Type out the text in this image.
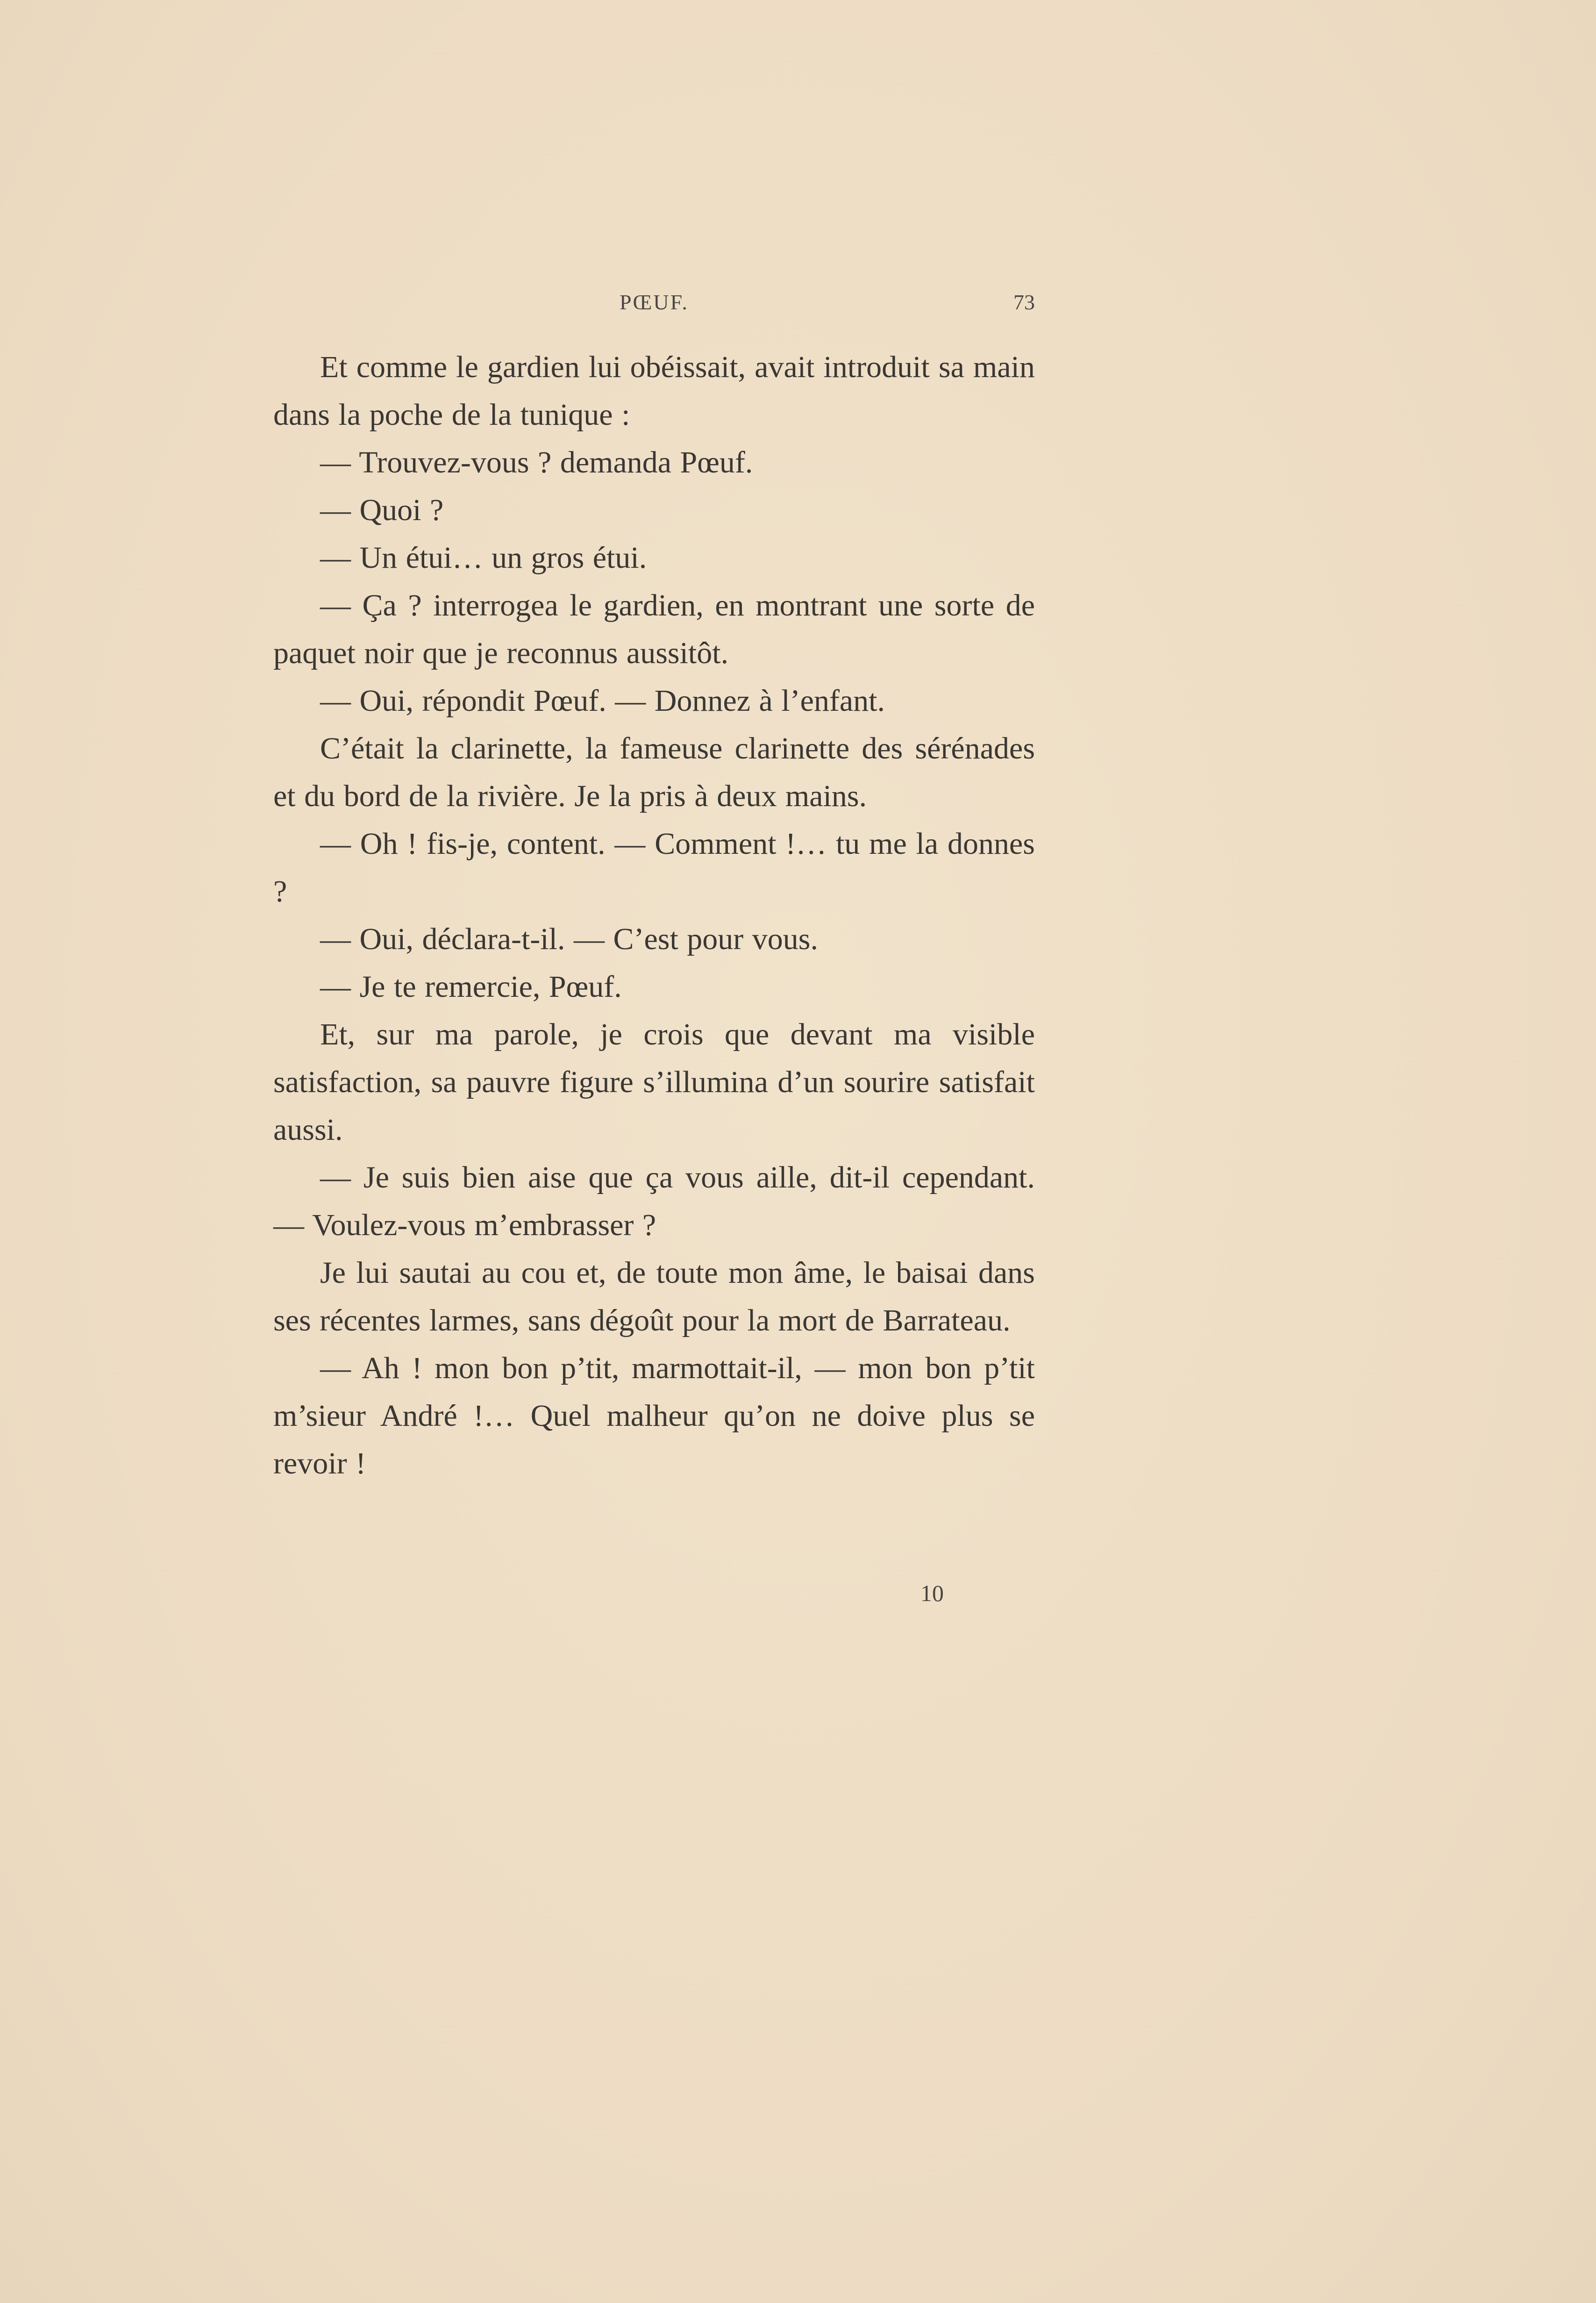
PŒUF.	73

Et comme le gardien lui obéissait, avait introduit sa main dans la poche de la tunique :

— Trouvez-vous ? demanda Pœuf.

— Quoi ?

— Un étui… un gros étui.

— Ça ? interrogea le gardien, en montrant une sorte de paquet noir que je reconnus aussitôt.

— Oui, répondit Pœuf. — Donnez à l’enfant.

C’était la clarinette, la fameuse clarinette des sérénades et du bord de la rivière. Je la pris à deux mains.

— Oh ! fis-je, content. — Comment !… tu me la donnes ?

— Oui, déclara-t-il. — C’est pour vous.

— Je te remercie, Pœuf.

Et, sur ma parole, je crois que devant ma visible satisfaction, sa pauvre figure s’illumina d’un sourire satisfait aussi.

— Je suis bien aise que ça vous aille, dit-il cependant. — Voulez-vous m’embrasser ?

Je lui sautai au cou et, de toute mon âme, le baisai dans ses récentes larmes, sans dégoût pour la mort de Barrateau.

— Ah ! mon bon p’tit, marmottait-il, — mon bon p’tit m’sieur André !… Quel malheur qu’on ne doive plus se revoir !

10
